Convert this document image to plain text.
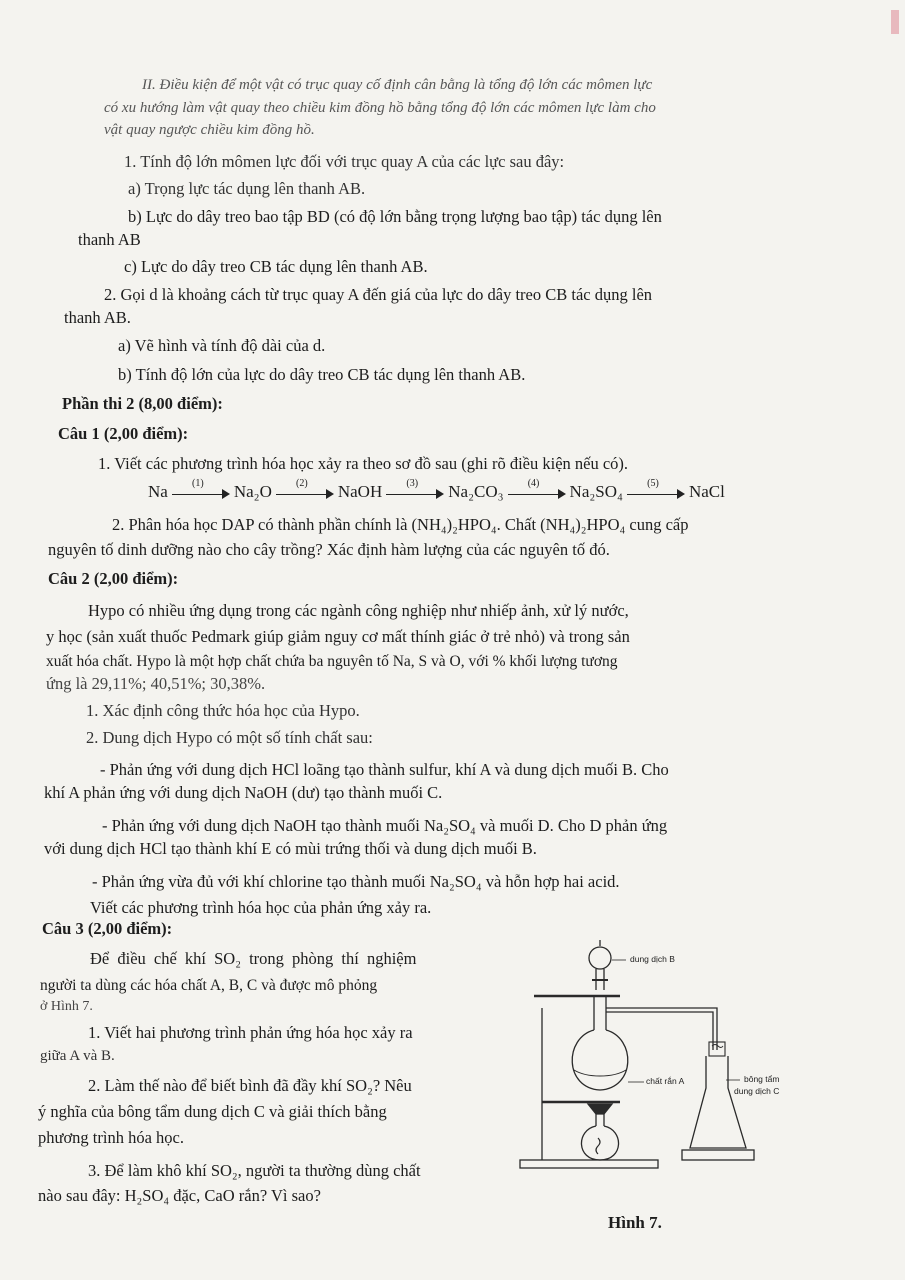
II. Điều kiện để một vật có trục quay cố định cân bằng là tổng độ lớn các mômen lực

có xu hướng làm vật quay theo chiều kim đồng hồ bằng tổng độ lớn các mômen lực làm cho

vật quay ngược chiều kim đồng hồ.

1. Tính độ lớn mômen lực đối với trục quay A của các lực sau đây:

a) Trọng lực tác dụng lên thanh AB.

b) Lực do dây treo bao tập BD (có độ lớn bằng trọng lượng bao tập) tác dụng lên

thanh AB

c) Lực do dây treo CB tác dụng lên thanh AB.

2. Gọi d là khoảng cách từ trục quay A đến giá của lực do dây treo CB tác dụng lên

thanh AB.

a) Vẽ hình và tính độ dài của d.

b) Tính độ lớn của lực do dây treo CB tác dụng lên thanh AB.

Phần thi 2 (8,00 điểm):

Câu 1 (2,00 điểm):

1. Viết các phương trình hóa học xảy ra theo sơ đồ sau (ghi rõ điều kiện nếu có).

Na	(1)	Na₂O	(2)	NaOH	(3)	Na₂CO₃	(4)	Na₂SO₄	(5)	NaCl

2. Phân hóa học DAP có thành phần chính là (NH₄)₂HPO₄. Chất (NH₄)₂HPO₄ cung cấp

nguyên tố dinh dưỡng nào cho cây trồng? Xác định hàm lượng của các nguyên tố đó.

Câu 2 (2,00 điểm):

Hypo có nhiều ứng dụng trong các ngành công nghiệp như nhiếp ảnh, xử lý nước,

y học (sản xuất thuốc Pedmark giúp giảm nguy cơ mất thính giác ở trẻ nhỏ) và trong sản

xuất hóa chất. Hypo là một hợp chất chứa ba nguyên tố Na, S và O, với % khối lượng tương

ứng là 29,11%; 40,51%; 30,38%.

1. Xác định công thức hóa học của Hypo.

2. Dung dịch Hypo có một số tính chất sau:

- Phản ứng với dung dịch HCl loãng tạo thành sulfur, khí A và dung dịch muối B. Cho

khí A phản ứng với dung dịch NaOH (dư) tạo thành muối C.

- Phản ứng với dung dịch NaOH tạo thành muối Na₂SO₄ và muối D. Cho D phản ứng

với dung dịch HCl tạo thành khí E có mùi trứng thối và dung dịch muối B.

- Phản ứng vừa đủ với khí chlorine tạo thành muối Na₂SO₄ và hỗn hợp hai acid.

Viết các phương trình hóa học của phản ứng xảy ra.

Câu 3 (2,00 điểm):

Để điều chế khí SO₂ trong phòng thí nghiệm

người ta dùng các hóa chất A, B, C và được mô phỏng

ở Hình 7.

1. Viết hai phương trình phản ứng hóa học xảy ra

giữa A và B.

2. Làm thế nào để biết bình đã đầy khí SO₂? Nêu

ý nghĩa của bông tẩm dung dịch C và giải thích bằng

phương trình hóa học.

3. Để làm khô khí SO₂, người ta thường dùng chất

nào sau đây: H₂SO₄ đặc, CaO rắn? Vì sao?

dung dịch B
chất rắn A	bông tẩm
dung dịch C

Hình 7.
